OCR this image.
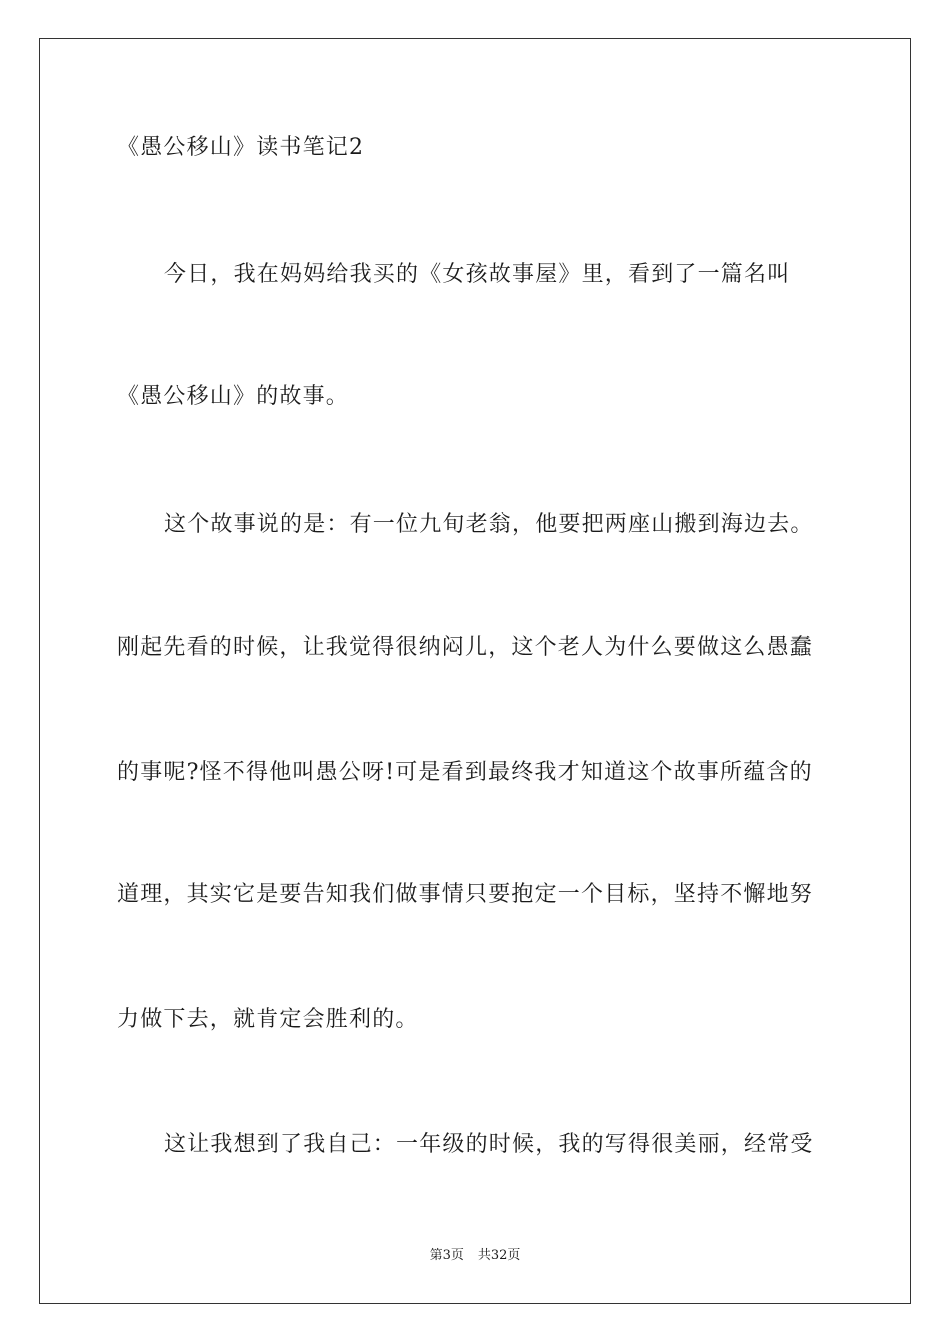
《愚公移山》读书笔记2
今日，我在妈妈给我买的《女孩故事屋》里，看到了一篇名叫
《愚公移山》的故事。
这个故事说的是：有一位九旬老翁，他要把两座山搬到海边去。
刚起先看的时候，让我觉得很纳闷儿，这个老人为什么要做这么愚蠢
的事呢?怪不得他叫愚公呀!可是看到最终我才知道这个故事所蕴含的
道理，其实它是要告知我们做事情只要抱定一个目标，坚持不懈地努
力做下去，就肯定会胜利的。
这让我想到了我自己：一年级的时候，我的写得很美丽，经常受
第3页 共32页
